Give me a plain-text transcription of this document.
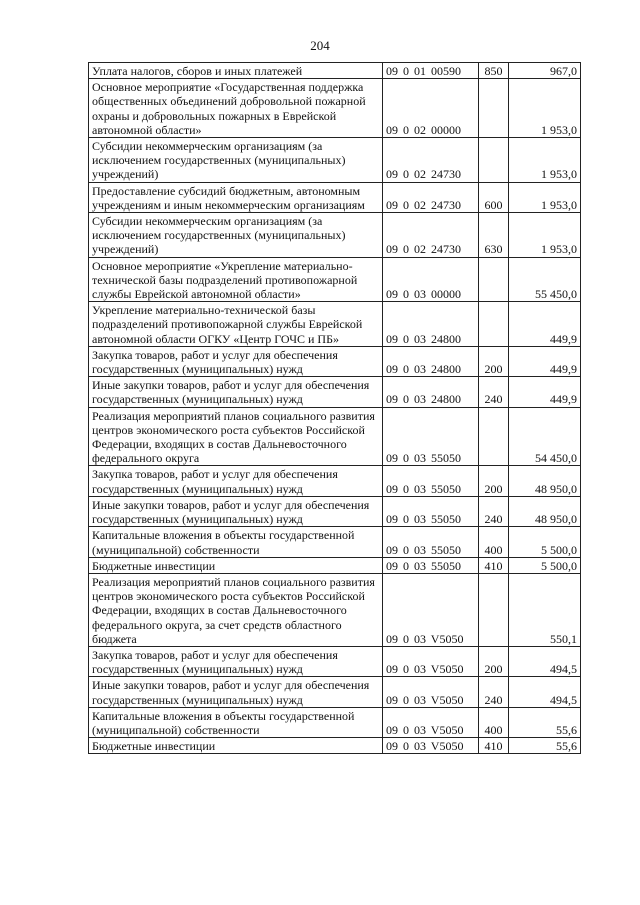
204
Уплата налогов, сборов и иных платежей	09 0 01 00590	850	967,0
Основное мероприятие «Государственная поддержка общественных объединений добровольной пожарной охраны и добровольных пожарных в Еврейской автономной области»	09 0 02 00000		1 953,0
Субсидии некоммерческим организациям (за исключением государственных (муниципальных) учреждений)	09 0 02 24730		1 953,0
Предоставление субсидий бюджетным, автономным учреждениям и иным некоммерческим организациям	09 0 02 24730	600	1 953,0
Субсидии некоммерческим организациям (за исключением государственных (муниципальных) учреждений)	09 0 02 24730	630	1 953,0
Основное мероприятие «Укрепление материально-технической базы подразделений противопожарной службы Еврейской автономной области»	09 0 03 00000		55 450,0
Укрепление материально-технической базы подразделений противопожарной службы Еврейской автономной области ОГКУ «Центр ГОЧС и ПБ»	09 0 03 24800		449,9
Закупка товаров, работ и услуг для обеспечения государственных (муниципальных) нужд	09 0 03 24800	200	449,9
Иные закупки товаров, работ и услуг для обеспечения государственных (муниципальных) нужд	09 0 03 24800	240	449,9
Реализация мероприятий планов социального развития центров экономического роста субъектов Российской Федерации, входящих в состав Дальневосточного федерального округа	09 0 03 55050		54 450,0
Закупка товаров, работ и услуг для обеспечения государственных (муниципальных) нужд	09 0 03 55050	200	48 950,0
Иные закупки товаров, работ и услуг для обеспечения государственных (муниципальных) нужд	09 0 03 55050	240	48 950,0
Капитальные вложения в объекты государственной (муниципальной) собственности	09 0 03 55050	400	5 500,0
Бюджетные инвестиции	09 0 03 55050	410	5 500,0
Реализация мероприятий планов социального развития центров экономического роста субъектов Российской Федерации, входящих в состав Дальневосточного федерального округа, за счет средств областного бюджета	09 0 03 V5050		550,1
Закупка товаров, работ и услуг для обеспечения государственных (муниципальных) нужд	09 0 03 V5050	200	494,5
Иные закупки товаров, работ и услуг для обеспечения государственных (муниципальных) нужд	09 0 03 V5050	240	494,5
Капитальные вложения в объекты государственной (муниципальной) собственности	09 0 03 V5050	400	55,6
Бюджетные инвестиции	09 0 03 V5050	410	55,6
